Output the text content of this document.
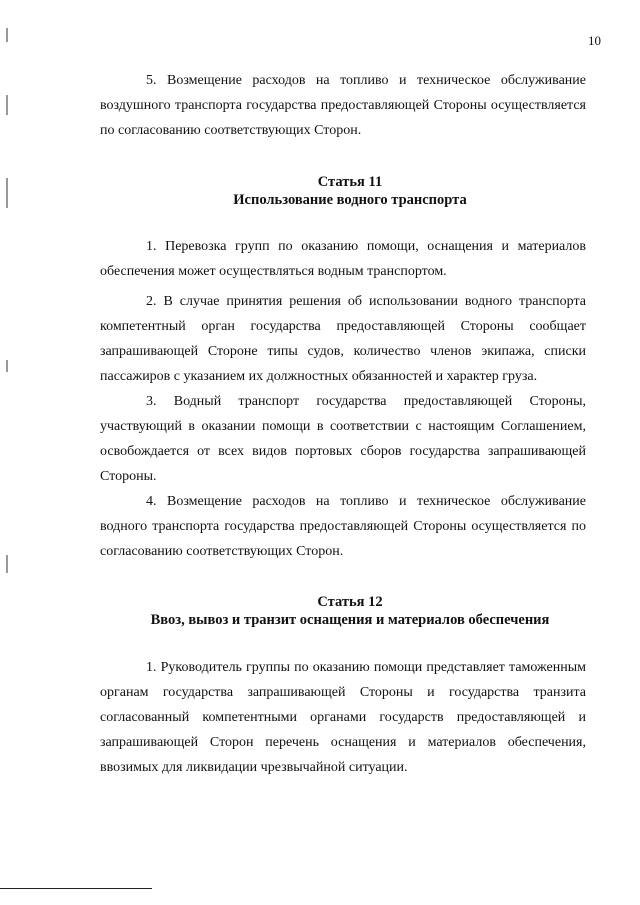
10
5. Возмещение расходов на топливо и техническое обслуживание воздушного транспорта государства предоставляющей Стороны осуществляется по согласованию соответствующих Сторон.
Статья 11
Использование водного транспорта
1. Перевозка групп по оказанию помощи, оснащения и материалов обеспечения может осуществляться водным транспортом.
2. В случае принятия решения об использовании водного транспорта компетентный орган государства предоставляющей Стороны сообщает запрашивающей Стороне типы судов, количество членов экипажа, списки пассажиров с указанием их должностных обязанностей и характер груза.
3. Водный транспорт государства предоставляющей Стороны, участвующий в оказании помощи в соответствии с настоящим Соглашением, освобождается от всех видов портовых сборов государства запрашивающей Стороны.
4. Возмещение расходов на топливо и техническое обслуживание водного транспорта государства предоставляющей Стороны осуществляется по согласованию соответствующих Сторон.
Статья 12
Ввоз, вывоз и транзит оснащения и материалов обеспечения
1. Руководитель группы по оказанию помощи представляет таможенным органам государства запрашивающей Стороны и государства транзита согласованный компетентными органами государств предоставляющей и запрашивающей Сторон перечень оснащения и материалов обеспечения, ввозимых для ликвидации чрезвычайной ситуации.
